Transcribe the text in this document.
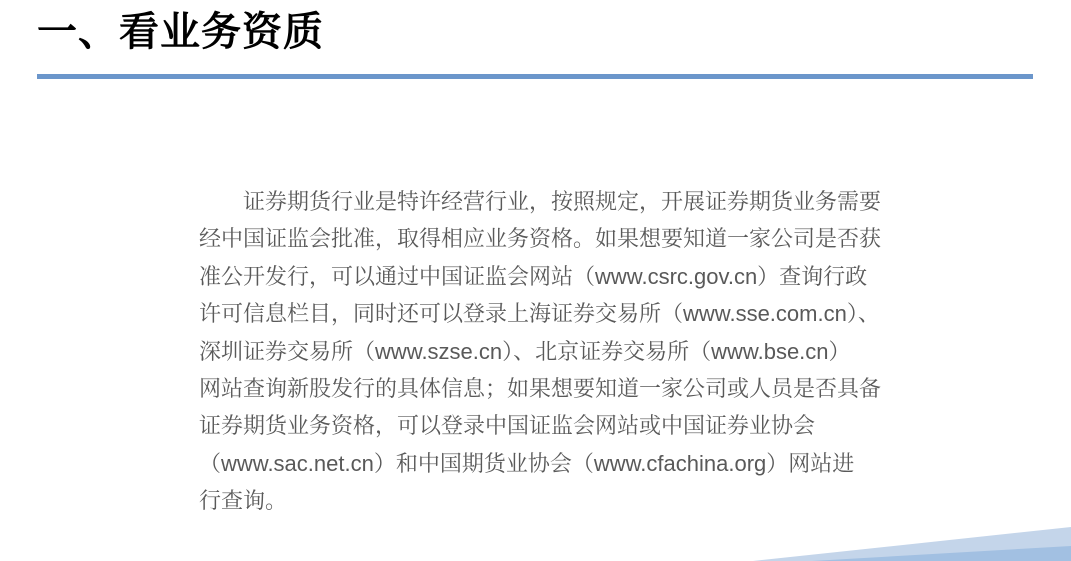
一、看业务资质
证券期货行业是特许经营行业，按照规定，开展证券期货业务需要
经中国证监会批准，取得相应业务资格。如果想要知道一家公司是否获
准公开发行，可以通过中国证监会网站（www.csrc.gov.cn）查询行政
许可信息栏目，同时还可以登录上海证券交易所（www.sse.com.cn）、
深圳证券交易所（www.szse.cn）、北京证券交易所（www.bse.cn）
网站查询新股发行的具体信息；如果想要知道一家公司或人员是否具备
证券期货业务资格，可以登录中国证监会网站或中国证券业协会
（www.sac.net.cn）和中国期货业协会（www.cfachina.org）网站进
行查询。
